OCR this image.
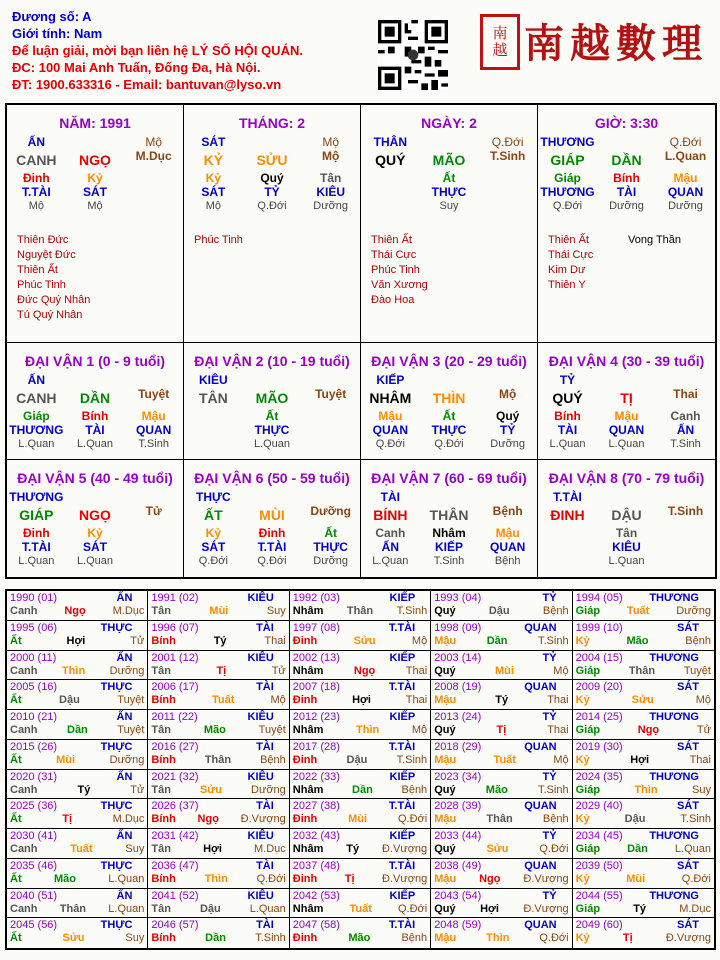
Đương số: A
Giới tính: Nam
Để luận giải, mời bạn liên hệ LÝ SỐ HỘI QUÁN.
ĐC: 100 Mai Anh Tuấn, Đống Đa, Hà Nội.
ĐT: 1900.633316 - Email: bantuvan@lyso.vn
南越 南越數理
NĂM: 1991
ẤN	Mộ
CANH	NGỌ	M.Dục
Đinh	Kỷ
T.TÀI	SÁT
Mộ	Mộ
Thiên Đức
Nguyệt Đức
Thiên Ất
Phúc Tinh
Đức Quý Nhân
Tú Quý Nhân
THÁNG: 2
SÁT	Mộ
KỶ	SỬU	Mộ
Kỷ	Quý	Tân
SÁT	TỶ	KIÊU
Mộ	Q.Đới	Dưỡng
Phúc Tinh
NGÀY: 2
THÂN	Q.Đới
QUÝ	MÃO	T.Sinh
Ất
THỰC
Suy
Thiên Ất
Thái Cực
Phúc Tinh
Văn Xương
Đào Hoa
GIỜ: 3:30
THƯƠNG	Q.Đới
GIÁP	DẦN	L.Quan
Giáp	Bính	Mậu
THƯƠNG	TÀI	QUAN
Q.Đới	Dưỡng	Dưỡng
Thiên Ất
Thái Cực
Kim Dư
Thiên Y
Vong Thần
ĐẠI VẬN 1 (0 - 9 tuổi)
ẤN
CANH	DẦN	Tuyệt
Giáp	Bính	Mậu
THƯƠNG	TÀI	QUAN
L.Quan	L.Quan	T.Sinh
ĐẠI VẬN 2 (10 - 19 tuổi)
KIÊU
TÂN	MÃO	Tuyệt
Ất
THỰC
L.Quan
ĐẠI VẬN 3 (20 - 29 tuổi)
KIẾP
NHÂM	THÌN	Mộ
Mậu	Ất	Quý
QUAN	THỰC	TỶ
Q.Đới	Q.Đới	Dưỡng
ĐẠI VẬN 4 (30 - 39 tuổi)
TỶ
QUÝ	TỊ	Thai
Bính	Mậu	Canh
TÀI	QUAN	ẤN
L.Quan	L.Quan	T.Sinh
ĐẠI VẬN 5 (40 - 49 tuổi)
THƯƠNG
GIÁP	NGỌ	Tử
Đinh	Kỷ
T.TÀI	SÁT
L.Quan	L.Quan
ĐẠI VẬN 6 (50 - 59 tuổi)
THỰC
ẤT	MÙI	Dưỡng
Kỷ	Đinh	Ất
SÁT	T.TÀI	THỰC
Q.Đới	Q.Đới	Dưỡng
ĐẠI VẬN 7 (60 - 69 tuổi)
TÀI
BÍNH	THÂN	Bệnh
Canh	Nhâm	Mậu
ẤN	KIẾP	QUAN
L.Quan	T.Sinh	Bệnh
ĐẠI VẬN 8 (70 - 79 tuổi)
T.TÀI
ĐINH	DẬU	T.Sinh
Tân
KIÊU
L.Quan
1990 (01)	ẤN
Canh Ngọ M.Dục
1991 (02)	KIÊU
Tân	Mùi	Suy
1992 (03)	KIẾP
Nhâm Thân T.Sinh
1993 (04)	TỶ
Quý	Dậu	Bệnh
1994 (05) THƯƠNG
Giáp Tuất Dưỡng
1995 (06)	THỰC
Ất	Hợi	Tử
1996 (07)	TÀI
Bính	Tý	Thai
1997 (08)	T.TÀI
Đinh	Sửu	Mộ
1998 (09)	QUAN
Mậu	Dần	T.Sinh
1999 (10)	SÁT
Kỷ	Mão	Bệnh
2000 (11)	ẤN
Canh Thìn Dưỡng
2001 (12)	KIÊU
Tân	Tị	Tử
2002 (13)	KIẾP
Nhâm	Ngọ	Thai
2003 (14)	TỶ
Quý	Mùi	Mộ
2004 (15) THƯƠNG
Giáp	Thân	Tuyệt
2005 (16)	THỰC
Ất	Dậu	Tuyệt
2006 (17)	TÀI
Bính	Tuất	Mộ
2007 (18)	T.TÀI
Đinh	Hợi	Thai
2008 (19)	QUAN
Mậu	Tý	Thai
2009 (20)	SÁT
Kỷ	Sửu	Mộ
2010 (21)	ẤN
Canh	Dần	Tuyệt
2011 (22)	KIÊU
Tân	Mão	Tuyệt
2012 (23)	KIẾP
Nhâm	Thìn	Mộ
2013 (24)	TỶ
Quý	Tị	Thai
2014 (25) THƯƠNG
Giáp	Ngọ	Tử
2015 (26)	THỰC
Ất	Mùi	Dưỡng
2016 (27)	TÀI
Bính	Thân	Bệnh
2017 (28)	T.TÀI
Đinh	Dậu	T.Sinh
2018 (29)	QUAN
Mậu	Tuất	Mộ
2019 (30)	SÁT
Kỷ	Hợi	Thai
2020 (31)	ẤN
Canh	Tý	Tử
2021 (32)	KIÊU
Tân	Sửu	Dưỡng
2022 (33)	KIẾP
Nhâm	Dần	Bệnh
2023 (34)	TỶ
Quý	Mão	T.Sinh
2024 (35) THƯƠNG
Giáp	Thìn	Suy
2025 (36)	THỰC
Ất	Tị	M.Dục
2026 (37)	TÀI
Bính Ngọ Đ.Vượng
2027 (38)	T.TÀI
Đinh	Mùi	Q.Đới
2028 (39)	QUAN
Mậu	Thân	Bệnh
2029 (40)	SÁT
Kỷ	Dậu	T.Sinh
2030 (41)	ẤN
Canh	Tuất	Suy
2031 (42)	KIÊU
Tân	Hợi	M.Dục
2032 (43)	KIẾP
Nhâm Tý Đ.Vượng
2033 (44)	TỶ
Quý	Sửu	Q.Đới
2034 (45) THƯƠNG
Giáp Dần L.Quan
2035 (46)	THỰC
Ất	Mão	L.Quan
2036 (47)	TÀI
Bính	Thìn	Q.Đới
2037 (48)	T.TÀI
Đinh	Tị	Đ.Vượng
2038 (49)	QUAN
Mậu Ngọ Đ.Vượng
2039 (50)	SÁT
Kỷ	Mùi	Q.Đới
2040 (51)	ẤN
Canh Thân L.Quan
2041 (52)	KIÊU
Tân	Dậu	L.Quan
2042 (53)	KIẾP
Nhâm Tuất Q.Đới
2043 (54)	TỶ
Quý Hợi Đ.Vượng
2044 (55) THƯƠNG
Giáp	Tý	M.Dục
2045 (56)	THỰC
Ất	Sửu	Suy
2046 (57)	TÀI
Bính	Dần	T.Sinh
2047 (58)	T.TÀI
Đinh	Mão	Bệnh
2048 (59)	QUAN
Mậu	Thìn	Q.Đới
2049 (60)	SÁT
Kỷ	Tị	Đ.Vượng
